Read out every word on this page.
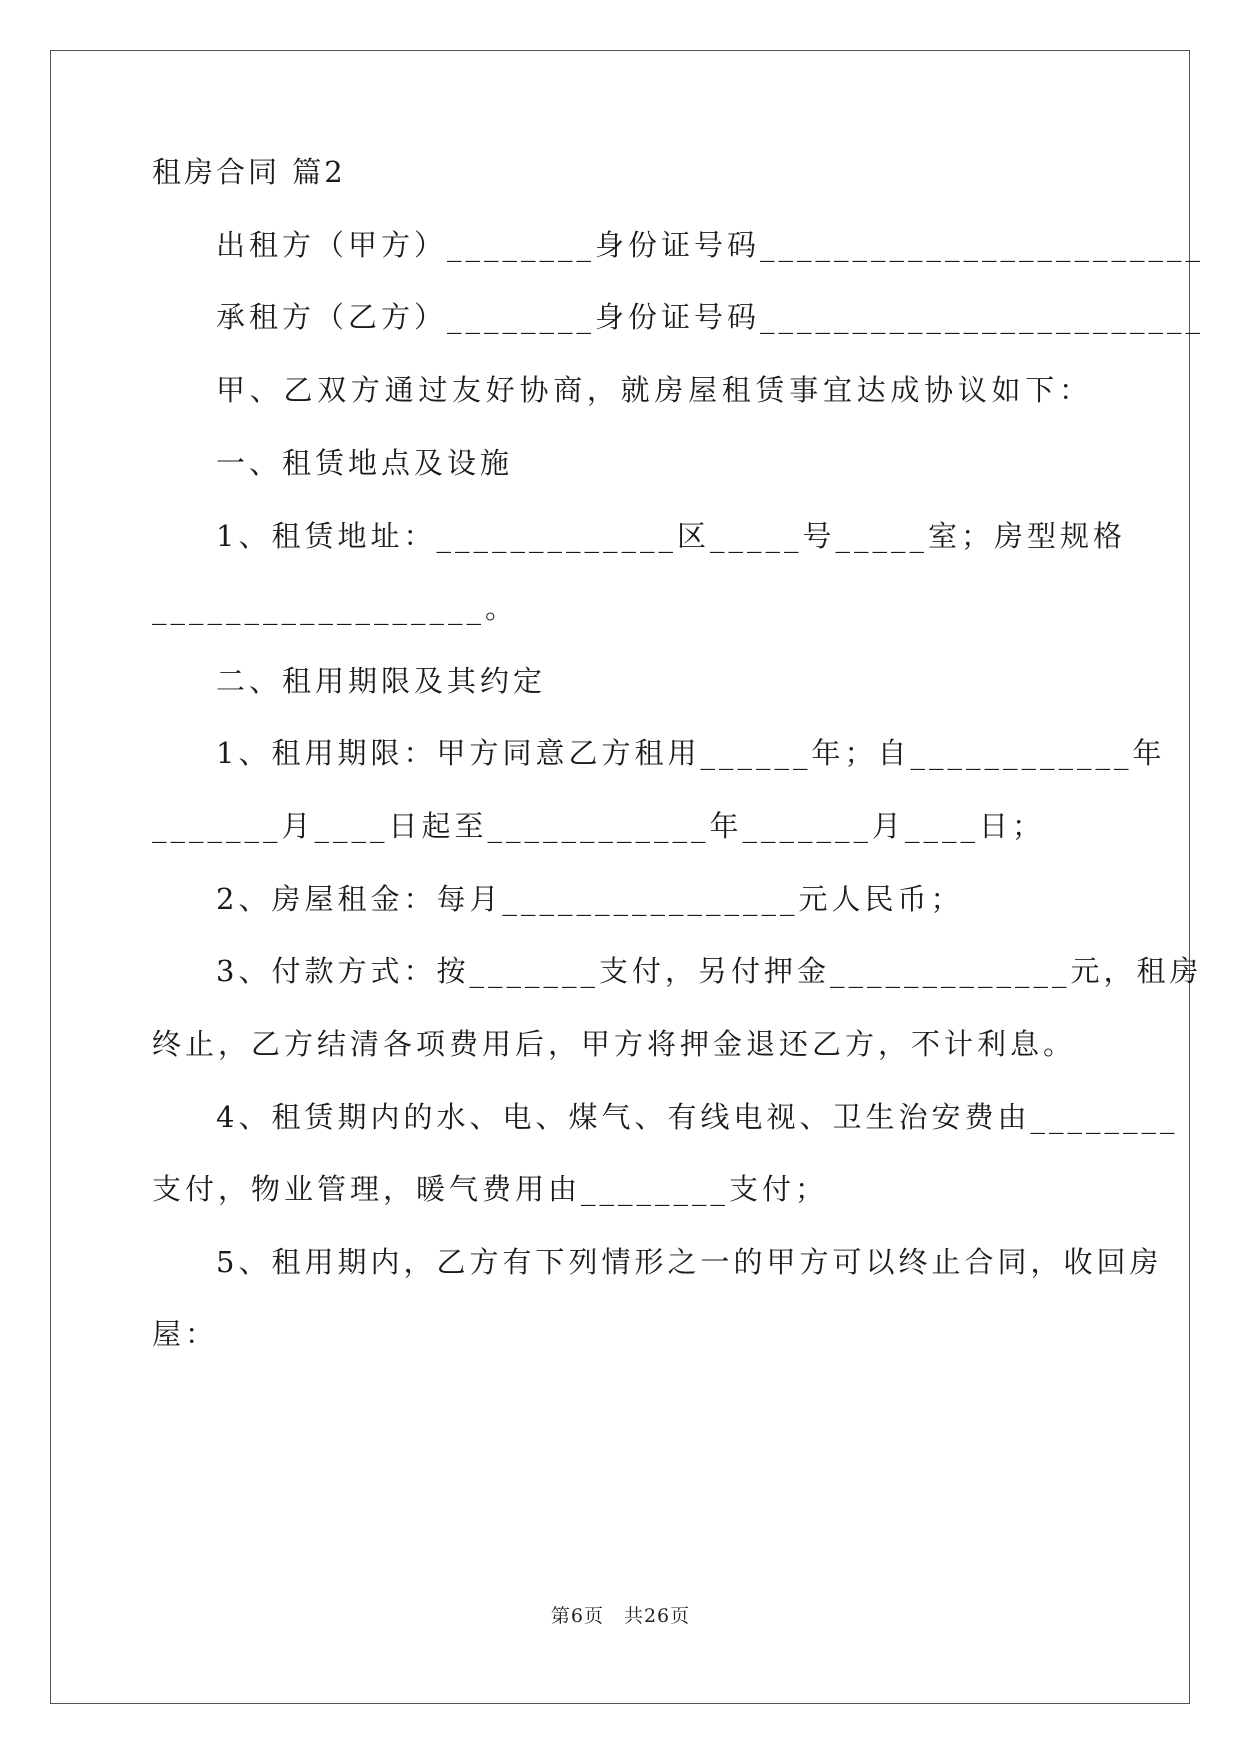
租房合同 篇2
出租方（甲方）________身份证号码________________________
承租方（乙方）________身份证号码________________________
甲、乙双方通过友好协商，就房屋租赁事宜达成协议如下：
一、租赁地点及设施
1、租赁地址：_____________区_____号_____室；房型规格
__________________。
二、租用期限及其约定
1、租用期限：甲方同意乙方租用______年；自____________年
_______月____日起至____________年_______月____日；
2、房屋租金：每月________________元人民币；
3、付款方式：按_______支付，另付押金_____________元，租房
终止，乙方结清各项费用后，甲方将押金退还乙方，不计利息。
4、租赁期内的水、电、煤气、有线电视、卫生治安费由________
支付，物业管理，暖气费用由________支付；
5、租用期内，乙方有下列情形之一的甲方可以终止合同，收回房
屋：
第6页　共26页
